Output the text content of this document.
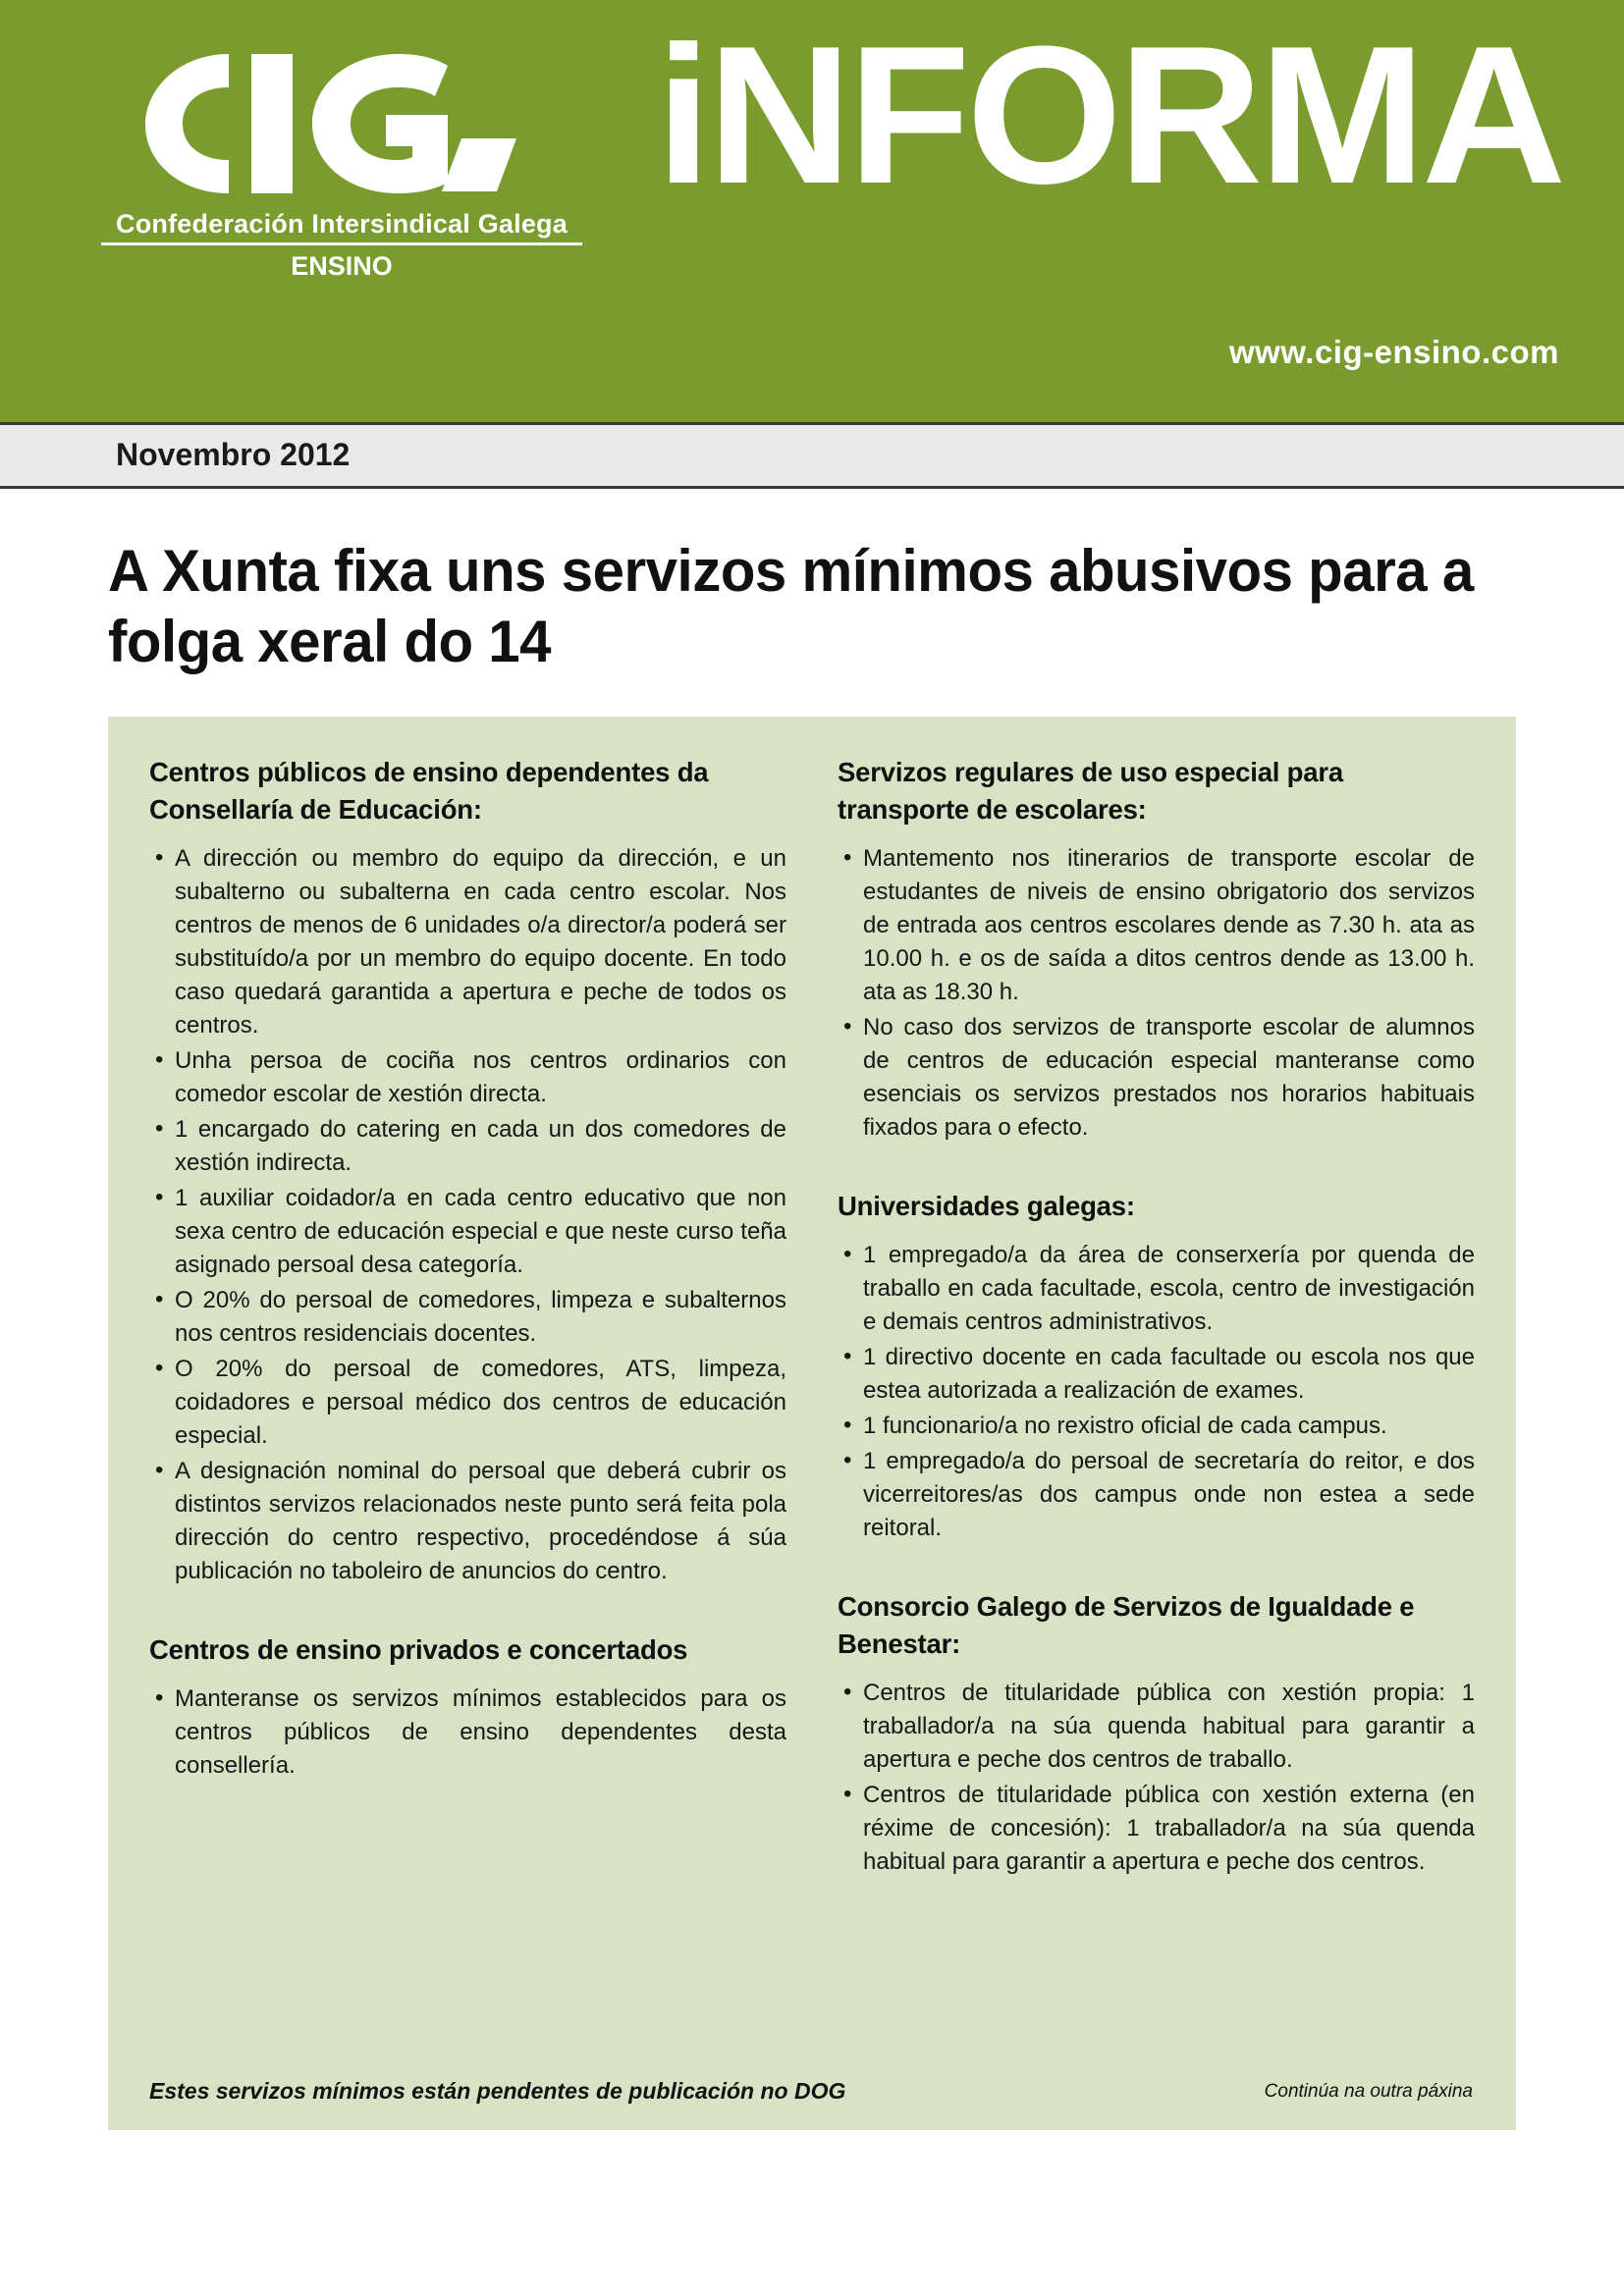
Confederación Intersindical Galega
ENSINO
iNFORMA
www.cig-ensino.com
Novembro 2012
A Xunta fixa uns servizos mínimos abusivos para a folga xeral do 14
Centros públicos de ensino dependentes da Consellaría de Educación:
• A dirección ou membro do equipo da dirección, e un subalterno ou subalterna en cada centro escolar. Nos centros de menos de 6 unidades o/a director/a poderá ser substituído/a por un membro do equipo docente. En todo caso quedará garantida a apertura e peche de todos os centros.
• Unha persoa de cociña nos centros ordinarios con comedor escolar de xestión directa.
• 1 encargado do catering en cada un dos comedores de xestión indirecta.
• 1 auxiliar coidador/a en cada centro educativo que non sexa centro de educación especial e que neste curso teña asignado persoal desa categoría.
• O 20% do persoal de comedores, limpeza e subalternos nos centros residenciais docentes.
• O 20% do persoal de comedores, ATS, limpeza, coidadores e persoal médico dos centros de educación especial.
• A designación nominal do persoal que deberá cubrir os distintos servizos relacionados neste punto será feita pola dirección do centro respectivo, procedéndose á súa publicación no taboleiro de anuncios do centro.
Centros de ensino privados e concertados
• Manteranse os servizos mínimos establecidos para os centros públicos de ensino dependentes desta consellería.
Servizos regulares de uso especial para transporte de escolares:
• Mantemento nos itinerarios de transporte escolar de estudantes de niveis de ensino obrigatorio dos servizos de entrada aos centros escolares dende as 7.30 h. ata as 10.00 h. e os de saída a ditos centros dende as 13.00 h. ata as 18.30 h.
• No caso dos servizos de transporte escolar de alumnos de centros de educación especial manteranse como esenciais os servizos prestados nos horarios habituais fixados para o efecto.
Universidades galegas:
• 1 empregado/a da área de conserxería por quenda de traballo en cada facultade, escola, centro de investigación e demais centros administrativos.
• 1 directivo docente en cada facultade ou escola nos que estea autorizada a realización de exames.
• 1 funcionario/a no rexistro oficial de cada campus.
• 1 empregado/a do persoal de secretaría do reitor, e dos vicerreitores/as dos campus onde non estea a sede reitoral.
Consorcio Galego de Servizos de Igualdade e Benestar:
• Centros de titularidade pública con xestión propia: 1 traballador/a na súa quenda habitual para garantir a apertura e peche dos centros de traballo.
• Centros de titularidade pública con xestión externa (en réxime de concesión): 1 traballador/a na súa quenda habitual para garantir a apertura e peche dos centros.
Estes servizos mínimos están pendentes de publicación no DOG	Continúa na outra páxina
